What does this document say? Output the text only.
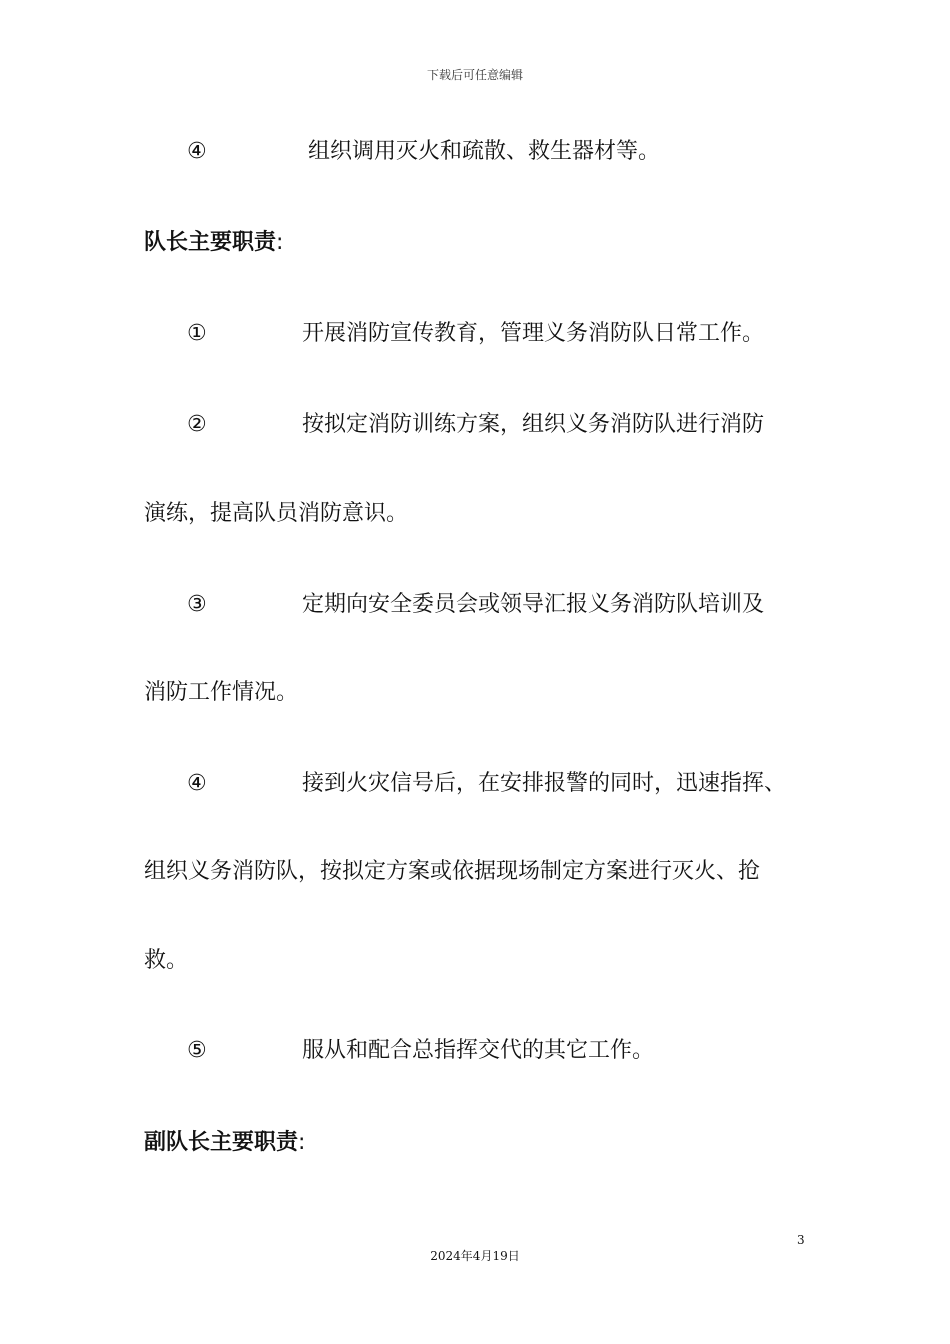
下载后可任意编辑
④	组织调用灭火和疏散、救生器材等。
队长主要职责:
①	开展消防宣传教育，管理义务消防队日常工作。
②	按拟定消防训练方案，组织义务消防队进行消防
演练，提高队员消防意识。
③	定期向安全委员会或领导汇报义务消防队培训及
消防工作情况。
④	接到火灾信号后，在安排报警的同时，迅速指挥、
组织义务消防队，按拟定方案或依据现场制定方案进行灭火、抢
救。
⑤	服从和配合总指挥交代的其它工作。
副队长主要职责:
3
2024年4月19日
